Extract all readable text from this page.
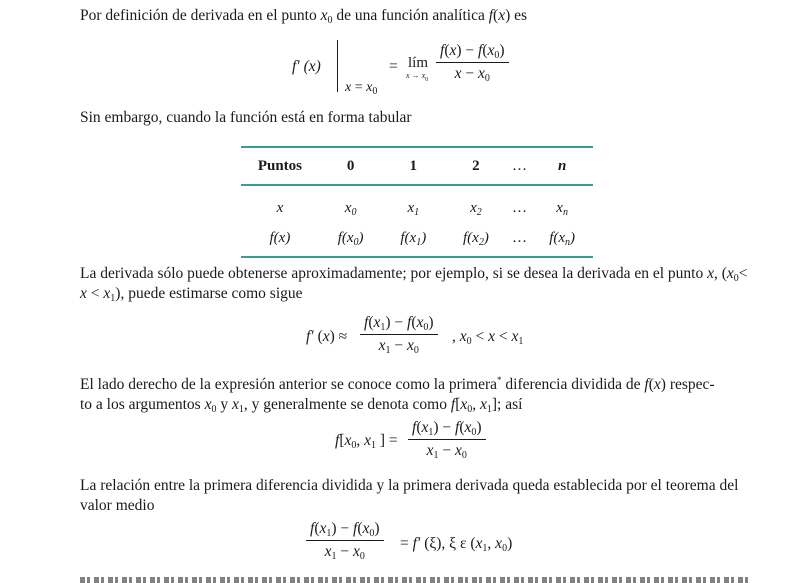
Por definición de derivada en el punto $x_0$ de una función analítica f(x) es

f′ (x)
$x = x_0$
= lím
$x \to x_0 \frac{f(x) - f(x_0)}{x - x_0}$

Sin embargo, cuando la función está en forma tabular

Puntos	0	1	2	…	n
x	$x_0$	$x_1$	$x_2$	…	$x_n$
f(x)	$f(x_0)$	$f(x_1)$	$f(x_2)$	…	$f(x_n)$

La derivada sólo puede obtenerse aproximadamente; por ejemplo, si se desea la derivada en el punto x, $(x_0< x < x_1)$, puede estimarse como sigue

f′ $(x) \approx \frac{f(x_1) - f(x_0)}{x_1 - x_0}$ , $x_0 < x < x_1$

El lado derecho de la expresión anterior se conoce como la primera* diferencia dividida de f(x) respec-
to a los argumentos $x_0$ y $x_1$, y generalmente se denota como $f[x_0$, $x_1$]; así

$f[x_0$, $x_1$ ] = $\frac{f(x_1) - f(x_0)}{x_1 - x_0}$

La relación entre la primera diferencia dividida y la primera derivada queda establecida por el teorema del valor medio

$\frac{f(x_1) - f(x_0)}{x_1 - x_0} = f'$ (ξ), ξ ε ($x_1$, $x_0$)
